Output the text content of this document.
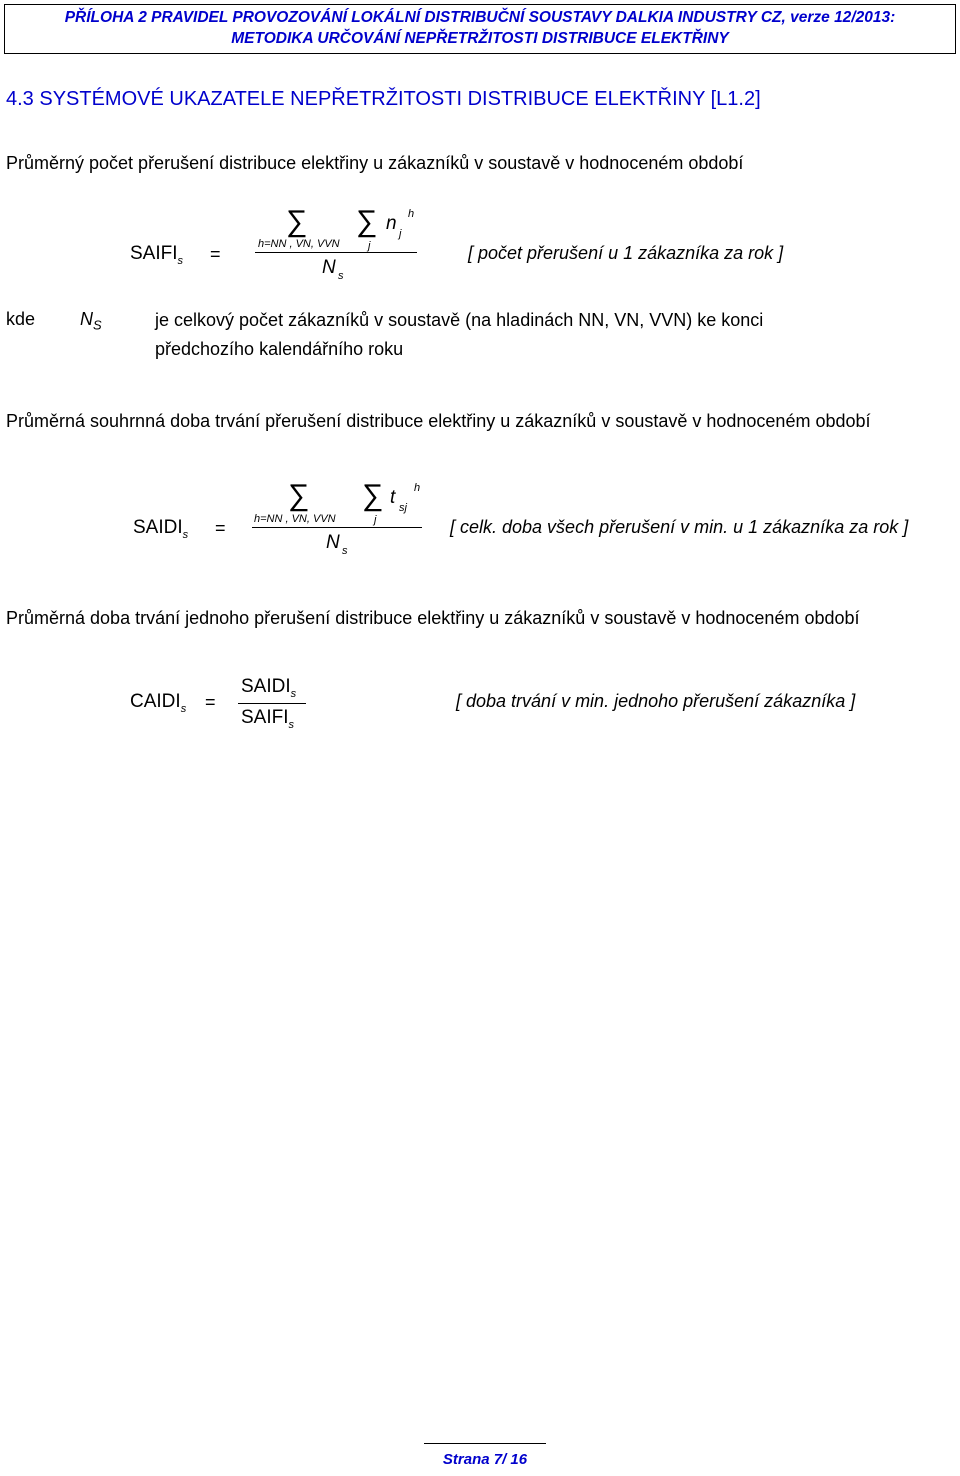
PŘÍLOHA 2 PRAVIDEL PROVOZOVÁNÍ LOKÁLNÍ DISTRIBUČNÍ SOUSTAVY DALKIA INDUSTRY CZ, verze 12/2013:
METODIKA URČOVÁNÍ NEPŘETRŽITOSTI DISTRIBUCE ELEKTŘINY
4.3 SYSTÉMOVÉ UKAZATELE NEPŘETRŽITOSTI DISTRIBUCE ELEKTŘINY [L1.2]
Průměrný počet přerušení distribuce elektřiny u zákazníků v soustavě v hodnoceném období
$SAIFI_s$ =
∑
h=NN , VN, VVN
∑
j
n j
h
N s
[ počet přerušení u 1 zákazníka za rok ]
kde $N_S$	je celkový počet zákazníků v soustavě (na hladinách NN, VN, VVN) ke konci
předchozího kalendářního roku
Průměrná souhrnná doba trvání přerušení distribuce elektřiny u zákazníků v soustavě v hodnoceném období
$SAIDI_s$ =
∑
h=NN , VN, VVN
∑
j
t sj
h
N s
[ celk. doba všech přerušení v min. u 1 zákazníka za rok ]
Průměrná doba trvání jednoho přerušení distribuce elektřiny u zákazníků v soustavě v hodnoceném období
$CAIDI_s$ =
$SAIDI_s$
$SAIFI_s$
[ doba trvání v min. jednoho přerušení zákazníka ]
Strana 7/ 16
